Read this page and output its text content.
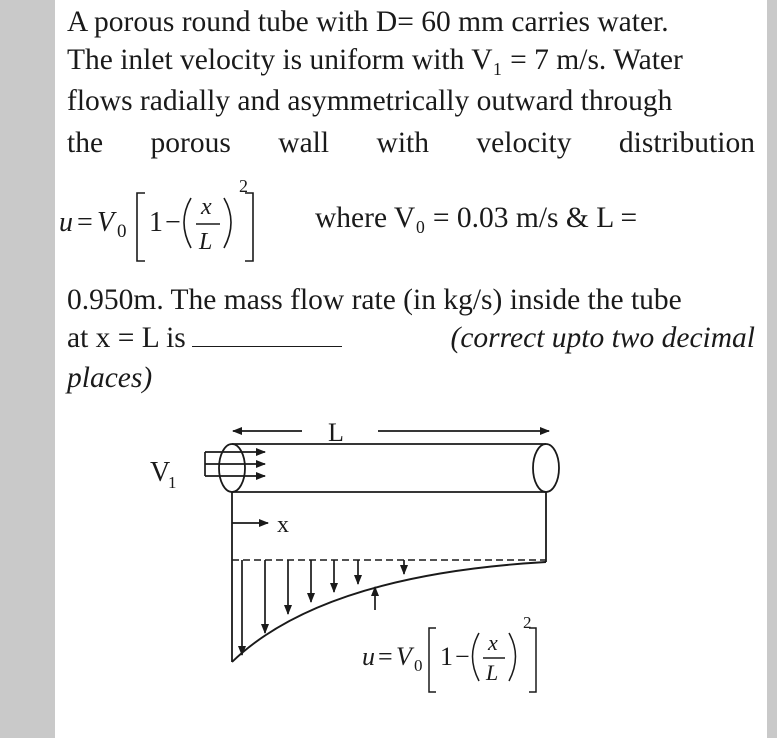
A porous round tube with D= 60 mm carries water.
The inlet velocity is uniform with V₁ = 7 m/s. Water
flows radially and asymmetrically outward through
the porous wall with velocity distribution
u = V 0 1 − x
L
2
where V₀ = 0.03 m/s & L =
0.950m. The mass flow rate (in kg/s) inside the tube
at x = L is	(correct upto two decimal
places)
L
V
1
x
u = V 0 1 − x
L
2
